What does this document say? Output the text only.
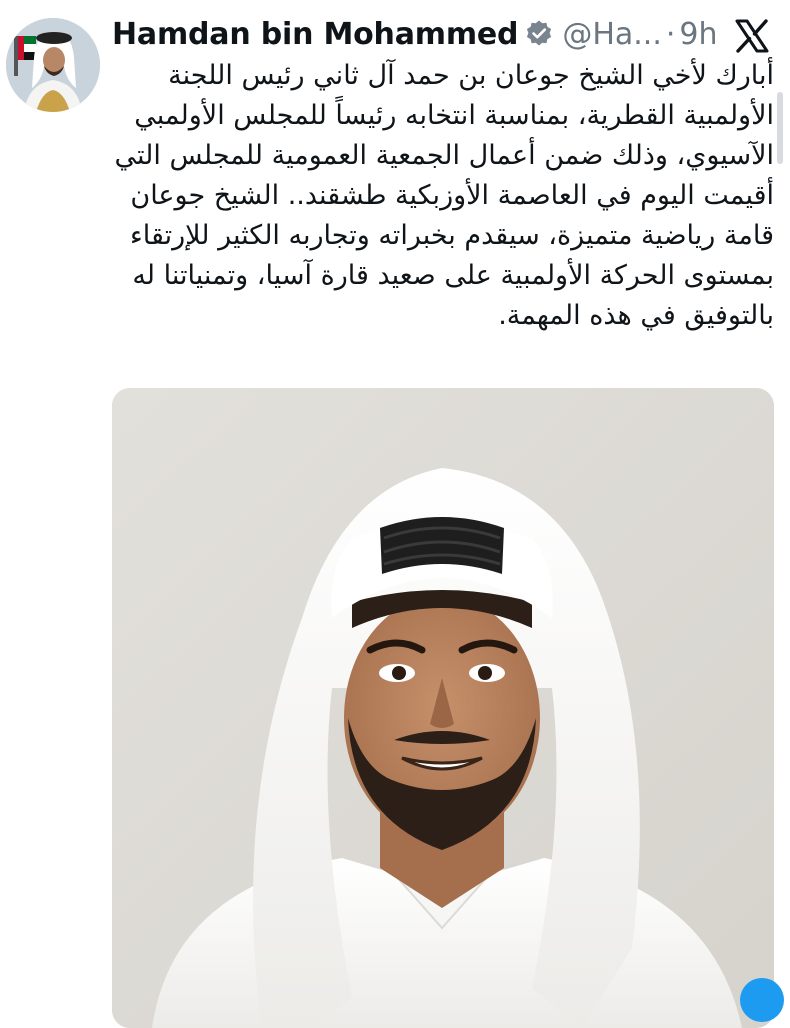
Hamdan bin Mohammed @Ha... · 9h

أبارك لأخي الشيخ جوعان بن حمد آل ثاني رئيس اللجنة الأولمبية القطرية، بمناسبة انتخابه رئيساً للمجلس الأولمبي الآسيوي، وذلك ضمن أعمال الجمعية العمومية للمجلس التي أقيمت اليوم في العاصمة الأوزبكية طشقند.. الشيخ جوعان قامة رياضية متميزة، سيقدم بخبراته وتجاربه الكثير للإرتقاء بمستوى الحركة الأولمبية على صعيد قارة آسيا، وتمنياتنا له بالتوفيق في هذه المهمة.
